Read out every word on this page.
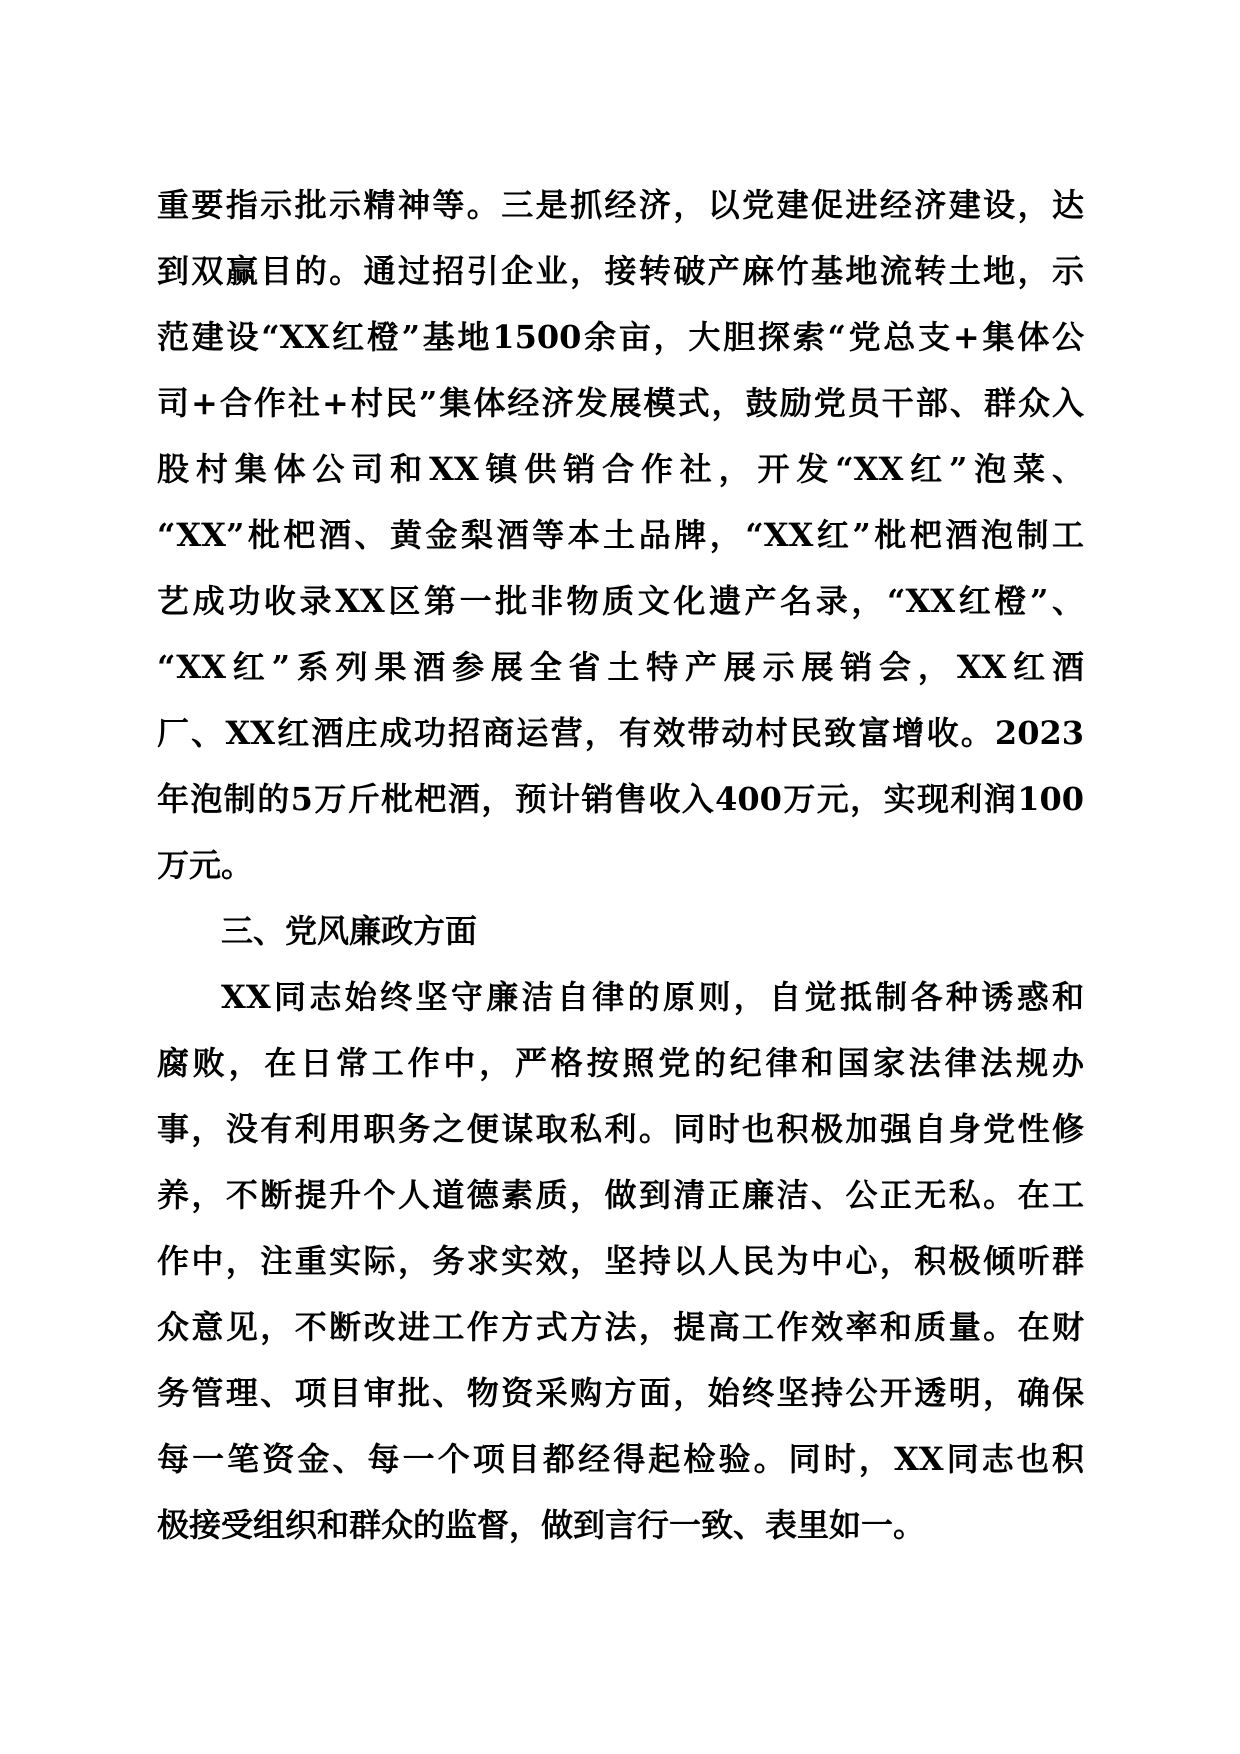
重要指示批示精神等。三是抓经济，以党建促进经济建设，达
到双赢目的。通过招引企业，接转破产麻竹基地流转土地，示
范建设“XX红橙”基地1500余亩，大胆探索“党总支+集体公
司+合作社+村民”集体经济发展模式，鼓励党员干部、群众入
股村集体公司和XX镇供销合作社，开发“XX红”泡菜、
“XX”枇杷酒、黄金梨酒等本土品牌，“XX红”枇杷酒泡制工
艺成功收录XX区第一批非物质文化遗产名录，“XX红橙”、
“XX红”系列果酒参展全省土特产展示展销会，XX红酒
厂、XX红酒庄成功招商运营，有效带动村民致富增收。2023
年泡制的5万斤枇杷酒，预计销售收入400万元，实现利润100
万元。
三、党风廉政方面
XX同志始终坚守廉洁自律的原则，自觉抵制各种诱惑和
腐败，在日常工作中，严格按照党的纪律和国家法律法规办
事，没有利用职务之便谋取私利。同时也积极加强自身党性修
养，不断提升个人道德素质，做到清正廉洁、公正无私。在工
作中，注重实际，务求实效，坚持以人民为中心，积极倾听群
众意见，不断改进工作方式方法，提高工作效率和质量。在财
务管理、项目审批、物资采购方面，始终坚持公开透明，确保
每一笔资金、每一个项目都经得起检验。同时，XX同志也积
极接受组织和群众的监督，做到言行一致、表里如一。
